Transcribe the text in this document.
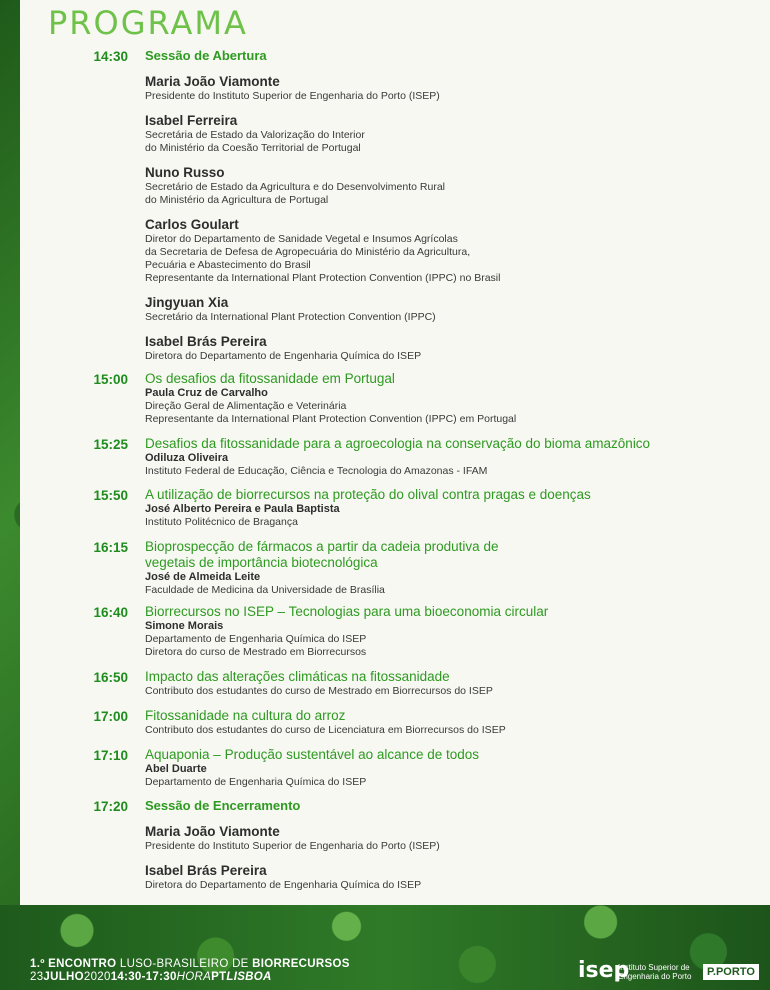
PROGRAMA
14:30 Sessão de Abertura
Maria João Viamonte
Presidente do Instituto Superior de Engenharia do Porto (ISEP)
Isabel Ferreira
Secretária de Estado da Valorização do Interior
do Ministério da Coesão Territorial de Portugal
Nuno Russo
Secretário de Estado da Agricultura e do Desenvolvimento Rural
do Ministério da Agricultura de Portugal
Carlos Goulart
Diretor do Departamento de Sanidade Vegetal e Insumos Agrícolas
da Secretaria de Defesa de Agropecuária do Ministério da Agricultura,
Pecuária e Abastecimento do Brasil
Representante da International Plant Protection Convention (IPPC) no Brasil
Jingyuan Xia
Secretário da International Plant Protection Convention (IPPC)
Isabel Brás Pereira
Diretora do Departamento de Engenharia Química do ISEP
15:00 Os desafios da fitossanidade em Portugal
Paula Cruz de Carvalho
Direção Geral de Alimentação e Veterinária
Representante da International Plant Protection Convention (IPPC) em Portugal
15:25 Desafios da fitossanidade para a agroecologia na conservação do bioma amazônico
Odiluza Oliveira
Instituto Federal de Educação, Ciência e Tecnologia do Amazonas - IFAM
15:50 A utilização de biorrecursos na proteção do olival contra pragas e doenças
José Alberto Pereira e Paula Baptista
Instituto Politécnico de Bragança
16:15 Bioprospecção de fármacos a partir da cadeia produtiva de vegetais de importância biotecnológica
José de Almeida Leite
Faculdade de Medicina da Universidade de Brasília
16:40 Biorrecursos no ISEP – Tecnologias para uma bioeconomia circular
Simone Morais
Departamento de Engenharia Química do ISEP
Diretora do curso de Mestrado em Biorrecursos
16:50 Impacto das alterações climáticas na fitossanidade
Contributo dos estudantes do curso de Mestrado em Biorrecursos do ISEP
17:00 Fitossanidade na cultura do arroz
Contributo dos estudantes do curso de Licenciatura em Biorrecursos do ISEP
17:10 Aquaponia – Produção sustentável ao alcance de todos
Abel Duarte
Departamento de Engenharia Química do ISEP
17:20 Sessão de Encerramento
Maria João Viamonte
Presidente do Instituto Superior de Engenharia do Porto (ISEP)
Isabel Brás Pereira
Diretora do Departamento de Engenharia Química do ISEP
1.º ENCONTRO LUSO-BRASILEIRO DE BIORRECURSOS
23JULHO202014:30-17:30HORAPTLISBOA	isep
Instituto Superior de
Engenharia do Porto	P.PORTO
